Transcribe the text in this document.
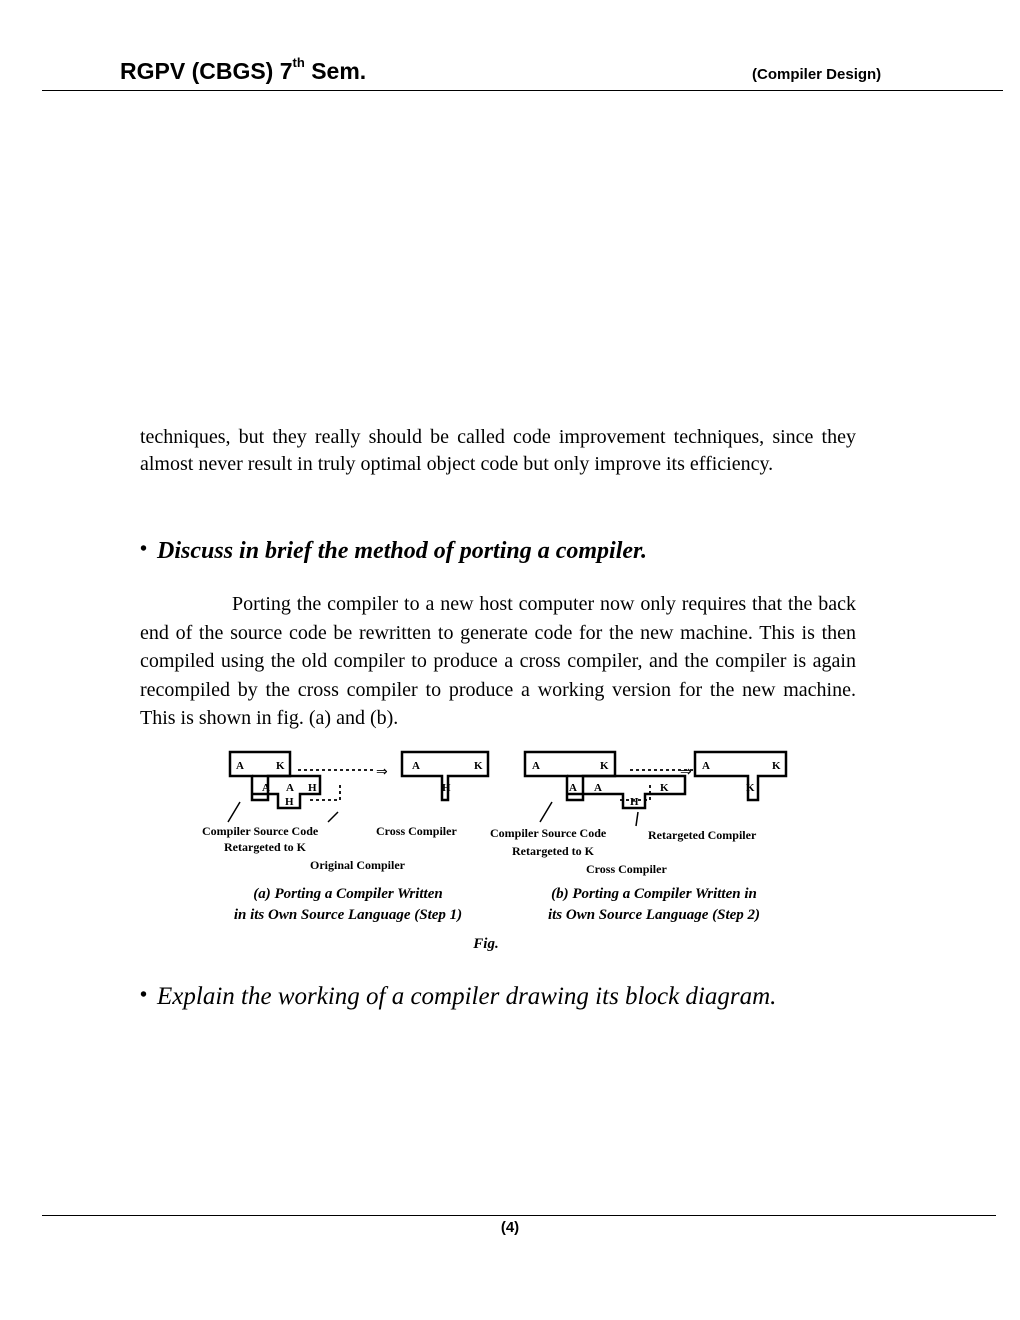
RGPV (CBGS) 7th Sem.	(Compiler Design)

techniques, but they really should be called code improvement techniques, since they almost never result in truly optimal object code but only improve its efficiency.

• Discuss in brief the method of porting a compiler.

Porting the compiler to a new host computer now only requires that the back end of the source code be rewritten to generate code for the new machine. This is then compiled using the old compiler to produce a cross compiler, and the compiler is again recompiled by the cross compiler to produce a working version for the new machine. This is shown in fig. (a) and (b).

A	K
A A H
H
A	K
H
A	K
A A	K
H
A	K
K
⇒	⇒
Compiler Source Code
Retargeted to K
Cross Compiler
Original Compiler
Compiler Source Code
Retargeted to K
Retargeted Compiler
Cross Compiler
(a) Porting a Compiler Written
in its Own Source Language (Step 1)
(b) Porting a Compiler Written in
its Own Source Language (Step 2)
Fig.

• Explain the working of a compiler drawing its block diagram.

(4)
